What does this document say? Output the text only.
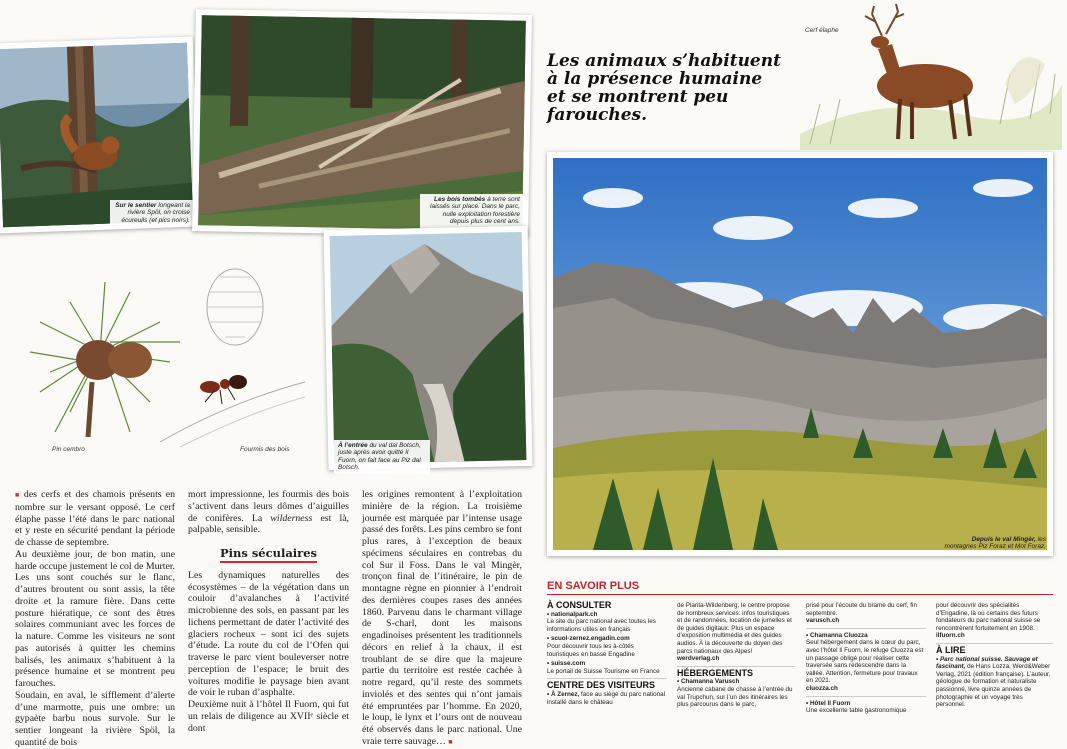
Sur le sentier longeant la rivière Spöl, on croise écureuils (et pics noirs).
Les bois tombés à terre sont laissés sur place. Dans le parc, nulle exploitation forestière depuis plus de cent ans.
À l’entrée du val dal Botsch, juste après avoir quitté Il Fuorn, on fait face au Piz dal Botsch.
Pin cembro	Fourmis des bois
Les animaux s’habituent
à la présence humaine
et se montrent peu farouches.
Cerf élaphe
Depuis le val Mingèr, les montagnes Piz Foraz et Mot Foraz.

■ des cerfs et des chamois présents en nombre sur le versant opposé. Le cerf élaphe passe l’été dans le parc national et y reste en sécurité pendant la période de chasse de septembre.

Au deuxième jour, de bon matin, une harde occupe justement le col de Murter. Les uns sont couchés sur le flanc, d’autres broutent ou sont assis, la tête droite et la ramure fière. Dans cette posture hiératique, ce sont des êtres solaires communiant avec les forces de la nature. Comme les visiteurs ne sont pas autorisés à quitter les chemins balisés, les animaux s’habituent à la présence humaine et se montrent peu farouches.

Soudain, en aval, le sifflement d’alerte d’une marmotte, puis une ombre: un gypaète barbu nous survole. Sur le sentier longeant la rivière Spöl, la quantité de bois

mort impressionne, les fourmis des bois s’activent dans leurs dômes d’aiguilles de conifères. La wilderness est là, palpable, sensible.

Pins séculaires

Les dynamiques naturelles des écosystèmes – de la végétation dans un couloir d’avalanches à l’activité microbienne des sols, en passant par les lichens permettant de dater l’activité des glaciers rocheux – sont ici des sujets d’étude. La route du col de l’Ofen qui traverse le parc vient bouleverser notre perception de l’espace; le bruit des voitures modifie le paysage bien avant de voir le ruban d’asphalte.

Deuxième nuit à l’hôtel Il Fuorn, qui fut un relais de diligence au XVIIᵉ siècle et dont

les origines remontent à l’exploitation minière de la région. La troisième journée est marquée par l’intense usage passé des forêts. Les pins cembro se font plus rares, à l’exception de beaux spécimens séculaires en contrebas du col Sur il Foss. Dans le val Mingèr, tronçon final de l’itinéraire, le pin de montagne règne en pionnier à l’endroit des dernières coupes rases des années 1860. Parvenu dans le charmant village de S-charl, dont les maisons engadinoises présentent les traditionnels décors en relief à la chaux, il est troublant de se dire que la majeure partie du territoire est restée cachée à notre regard, qu’il reste des sommets inviolés et des sentes qui n’ont jamais été empruntées par l’homme. En 2020, le loup, le lynx et l’ours ont de nouveau été observés dans le parc national. Une vraie terre sauvage… ■

EN SAVOIR PLUS
À CONSULTER

• nationalpark.ch
Le site du parc national avec toutes les informations utiles en français

• scuol-zernez.engadin.com
Pour découvrir tous les à-côtés touristiques en basse Engadine

• suisse.com
Le portail de Suisse Tourisme en France

CENTRE DES VISITEURS

• À Zernez, face au siège du parc national installé dans le château

de Planta-Wildenberg, le centre propose de nombreux services: infos touristiques et de randonnées, location de jumelles et de guides digitaux. Plus un espace d’exposition multimédia et des guides audios. À la découverte du doyen des parcs nationaux des Alpes!
werdverlag.ch

HÉBERGEMENTS

• Chamanna Varusch
Ancienne cabane de chasse à l’entrée du val Trupchun, sur l’un des itinéraires les plus parcourus dans le parc,

prisé pour l’écoute du brame du cerf, fin septembre.
varusch.ch

• Chamanna Cluozza
Seul hébergement dans le cœur du parc, avec l’hôtel Il Fuorn, le refuge Cluozza est un passage obligé pour réaliser cette traversée sans redescendre dans la vallée. Attention, fermeture pour travaux en 2021.
cluozza.ch

• Hôtel Il Fuorn
Une excellente table gastronomique

pour découvrir des spécialités d’Engadine, là où certains des futurs fondateurs du parc national suisse se rencontrèrent fortuitement en 1908.
ilfuorn.ch

À LIRE

• Parc national suisse. Sauvage et fascinant, de Hans Lozza, Werd&Weber Verlag, 2021 (édition française). L’auteur, géologue de formation et naturaliste passionné, livre quinze années de photographie et un voyage très personnel.
